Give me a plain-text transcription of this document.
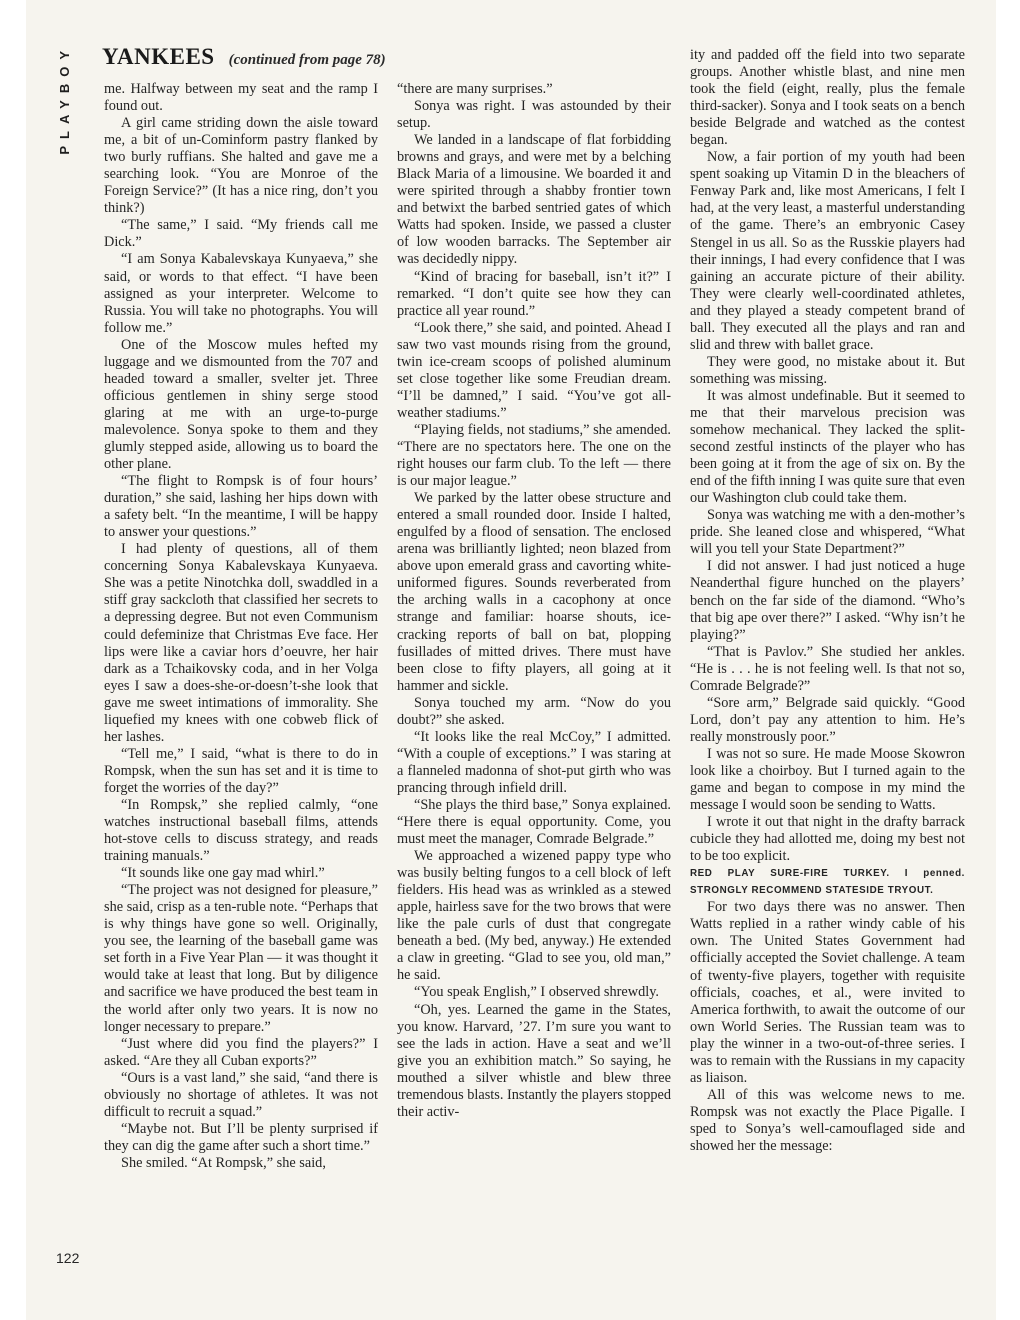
PLAYBOY YANKEES (continued from page 78)

me. Halfway between my seat and the ramp I found out.

A girl came striding down the aisle toward me, a bit of un-Cominform pastry flanked by two burly ruffians. She halted and gave me a searching look. “You are Monroe of the Foreign Service?” (It has a nice ring, don’t you think?)

“The same,” I said. “My friends call me Dick.”

“I am Sonya Kabalevskaya Kunyaeva,” she said, or words to that effect. “I have been assigned as your interpreter. Welcome to Russia. You will take no photographs. You will follow me.”

One of the Moscow mules hefted my luggage and we dismounted from the 707 and headed toward a smaller, svelter jet. Three officious gentlemen in shiny serge stood glaring at me with an urge-to-purge malevolence. Sonya spoke to them and they glumly stepped aside, allowing us to board the other plane.

“The flight to Rompsk is of four hours’ duration,” she said, lashing her hips down with a safety belt. “In the meantime, I will be happy to answer your questions.”

I had plenty of questions, all of them concerning Sonya Kabalevskaya Kunyaeva. She was a petite Ninotchka doll, swaddled in a stiff gray sackcloth that classified her secrets to a depressing degree. But not even Communism could defeminize that Christmas Eve face. Her lips were like a caviar hors d’oeuvre, her hair dark as a Tchaikovsky coda, and in her Volga eyes I saw a does-she-or-doesn’t-she look that gave me sweet intimations of immorality. She liquefied my knees with one cobweb flick of her lashes.

“Tell me,” I said, “what is there to do in Rompsk, when the sun has set and it is time to forget the worries of the day?”

“In Rompsk,” she replied calmly, “one watches instructional baseball films, attends hot-stove cells to discuss strategy, and reads training manuals.”

“It sounds like one gay mad whirl.”

“The project was not designed for pleasure,” she said, crisp as a ten-ruble note. “Perhaps that is why things have gone so well. Originally, you see, the learning of the baseball game was set forth in a Five Year Plan — it was thought it would take at least that long. But by diligence and sacrifice we have produced the best team in the world after only two years. It is now no longer necessary to prepare.”

“Just where did you find the players?” I asked. “Are they all Cuban exports?”

“Ours is a vast land,” she said, “and there is obviously no shortage of athletes. It was not difficult to recruit a squad.”

“Maybe not. But I’ll be plenty surprised if they can dig the game after such a short time.”

She smiled. “At Rompsk,” she said,

“there are many surprises.”

Sonya was right. I was astounded by their setup.

We landed in a landscape of flat forbidding browns and grays, and were met by a belching Black Maria of a limousine. We boarded it and were spirited through a shabby frontier town and betwixt the barbed sentried gates of which Watts had spoken. Inside, we passed a cluster of low wooden barracks. The September air was decidedly nippy.

“Kind of bracing for baseball, isn’t it?” I remarked. “I don’t quite see how they can practice all year round.”

“Look there,” she said, and pointed. Ahead I saw two vast mounds rising from the ground, twin ice-cream scoops of polished aluminum set close together like some Freudian dream. “I’ll be damned,” I said. “You’ve got all-weather stadiums.”

“Playing fields, not stadiums,” she amended. “There are no spectators here. The one on the right houses our farm club. To the left — there is our major league.”

We parked by the latter obese structure and entered a small rounded door. Inside I halted, engulfed by a flood of sensation. The enclosed arena was brilliantly lighted; neon blazed from above upon emerald grass and cavorting white-uniformed figures. Sounds reverberated from the arching walls in a cacophony at once strange and familiar: hoarse shouts, ice-cracking reports of ball on bat, plopping fusillades of mitted drives. There must have been close to fifty players, all going at it hammer and sickle.

Sonya touched my arm. “Now do you doubt?” she asked.

“It looks like the real McCoy,” I admitted. “With a couple of exceptions.” I was staring at a flanneled madonna of shot-put girth who was prancing through infield drill.

“She plays the third base,” Sonya explained. “Here there is equal opportunity. Come, you must meet the manager, Comrade Belgrade.”

We approached a wizened pappy type who was busily belting fungos to a cell block of left fielders. His head was as wrinkled as a stewed apple, hairless save for the two brows that were like the pale curls of dust that congregate beneath a bed. (My bed, anyway.) He extended a claw in greeting. “Glad to see you, old man,” he said.

“You speak English,” I observed shrewdly.

“Oh, yes. Learned the game in the States, you know. Harvard, ’27. I’m sure you want to see the lads in action. Have a seat and we’ll give you an exhibition match.” So saying, he mouthed a silver whistle and blew three tremendous blasts. Instantly the players stopped their activ-

ity and padded off the field into two separate groups. Another whistle blast, and nine men took the field (eight, really, plus the female third-sacker). Sonya and I took seats on a bench beside Belgrade and watched as the contest began.

Now, a fair portion of my youth had been spent soaking up Vitamin D in the bleachers of Fenway Park and, like most Americans, I felt I had, at the very least, a masterful understanding of the game. There’s an embryonic Casey Stengel in us all. So as the Russkie players had their innings, I had every confidence that I was gaining an accurate picture of their ability. They were clearly well-coordinated athletes, and they played a steady competent brand of ball. They executed all the plays and ran and slid and threw with ballet grace.

They were good, no mistake about it. But something was missing.

It was almost undefinable. But it seemed to me that their marvelous precision was somehow mechanical. They lacked the split-second zestful instincts of the player who has been going at it from the age of six on. By the end of the fifth inning I was quite sure that even our Washington club could take them.

Sonya was watching me with a den-mother’s pride. She leaned close and whispered, “What will you tell your State Department?”

I did not answer. I had just noticed a huge Neanderthal figure hunched on the players’ bench on the far side of the diamond. “Who’s that big ape over there?” I asked. “Why isn’t he playing?”

“That is Pavlov.” She studied her ankles. “He is . . . he is not feeling well. Is that not so, Comrade Belgrade?”

“Sore arm,” Belgrade said quickly. “Good Lord, don’t pay any attention to him. He’s really monstrously poor.”

I was not so sure. He made Moose Skowron look like a choirboy. But I turned again to the game and began to compose in my mind the message I would soon be sending to Watts.

I wrote it out that night in the drafty barrack cubicle they had allotted me, doing my best not to be too explicit.

RED PLAY SURE-FIRE TURKEY. I penned. STRONGLY RECOMMEND STATESIDE TRYOUT.

For two days there was no answer. Then Watts replied in a rather windy cable of his own. The United States Government had officially accepted the Soviet challenge. A team of twenty-five players, together with requisite officials, coaches, et al., were invited to America forthwith, to await the outcome of our own World Series. The Russian team was to play the winner in a two-out-of-three series. I was to remain with the Russians in my capacity as liaison.

All of this was welcome news to me. Rompsk was not exactly the Place Pigalle. I sped to Sonya’s well-camouflaged side and showed her the message:

122
